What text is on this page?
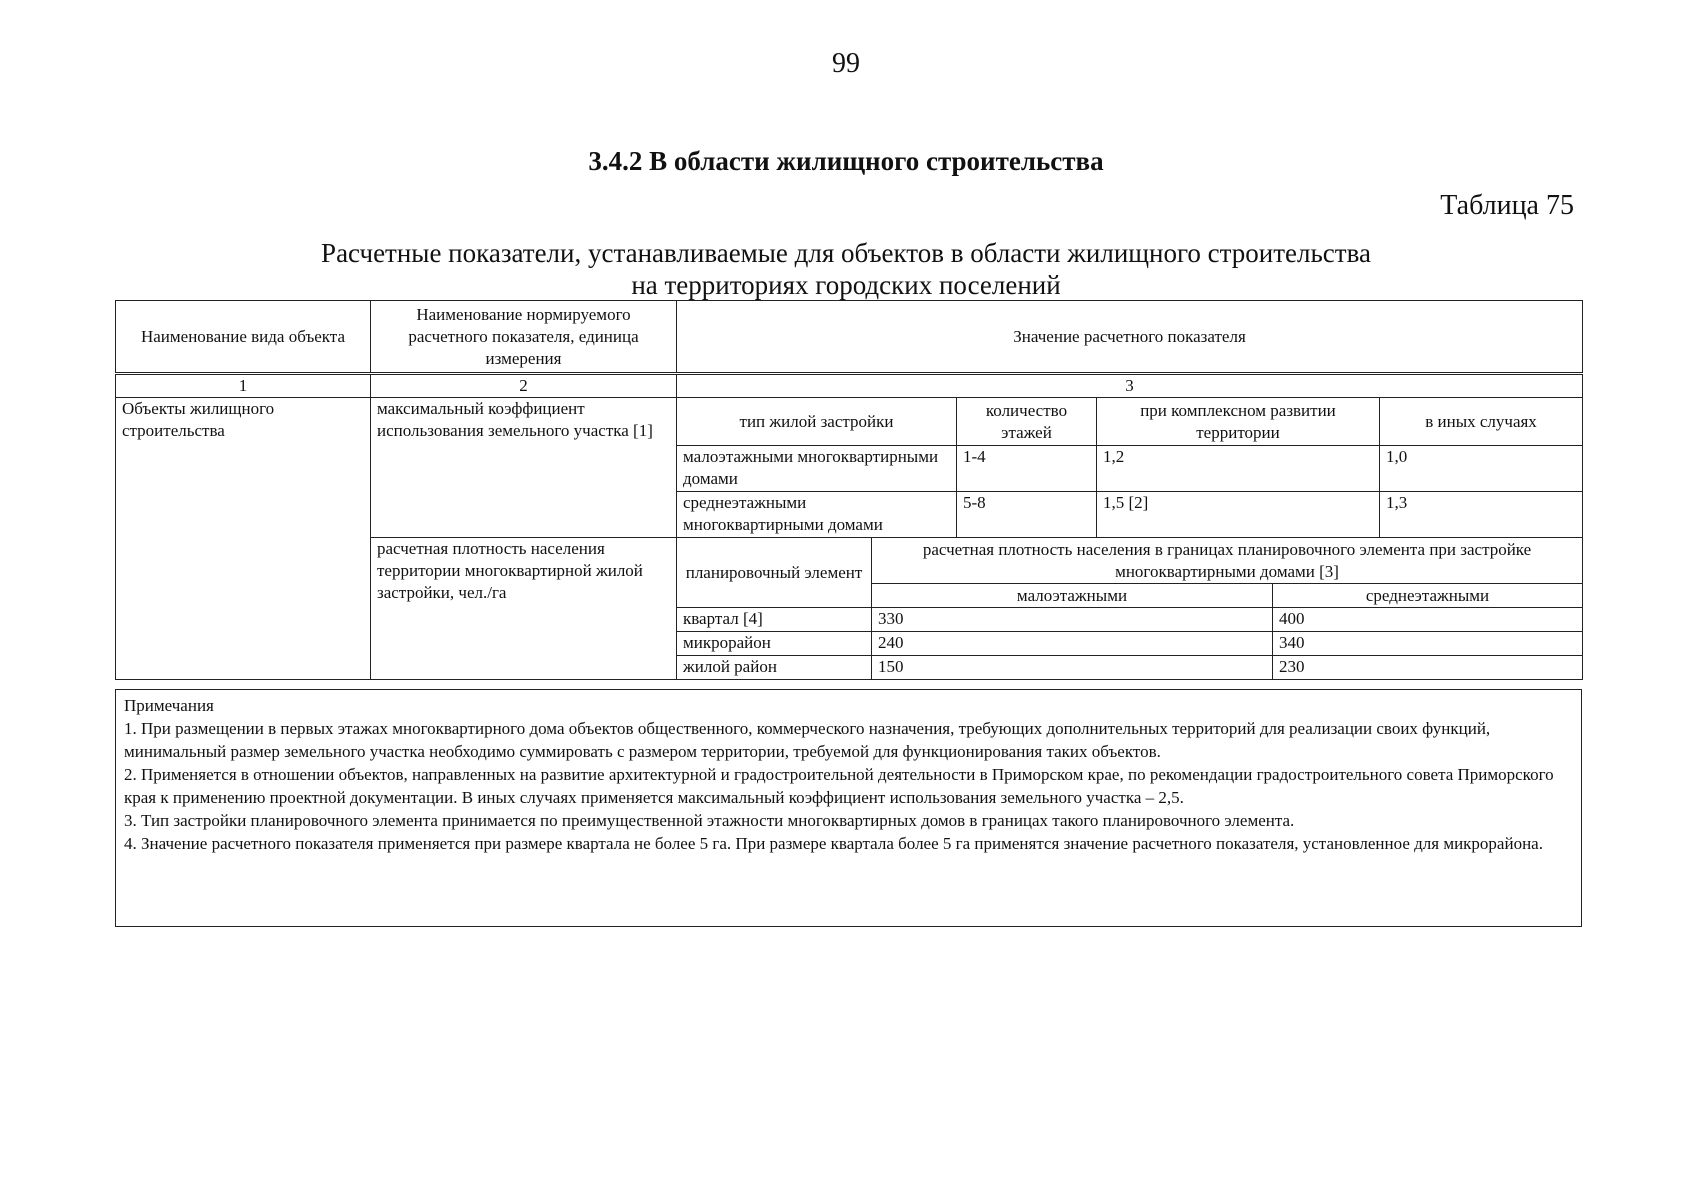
99
3.4.2 В области жилищного строительства
Таблица 75
Расчетные показатели, устанавливаемые для объектов в области жилищного строительства
на территориях городских поселений
Наименование вида объекта	Наименование нормируемого расчетного показателя, единица измерения	Значение расчетного показателя					
1	2	3					
Объекты жилищного строительства	максимальный коэффициент использования земельного участка [1]	тип жилой застройки		количество этажей	при комплексном развитии территории		в иных случаях
		малоэтажными многоквартирными домами		1-4	1,2		1,0
		среднеэтажными многоквартирными домами		5-8	1,5 [2]		1,3
	расчетная плотность населения территории многоквартирной жилой застройки, чел./га	планировочный элемент	расчетная плотность населения в границах планировочного элемента при застройке многоквартирными домами [3]				
			малоэтажными			среднеэтажными	
		квартал [4]	330			400	
		микрорайон	240			340	
		жилой район	150			230	

Примечания

1. При размещении в первых этажах многоквартирного дома объектов общественного, коммерческого назначения, требующих дополнительных территорий для реализации своих функций, минимальный размер земельного участка необходимо суммировать с размером территории, требуемой для функционирования таких объектов.

2. Применяется в отношении объектов, направленных на развитие архитектурной и градостроительной деятельности в Приморском крае, по рекомендации градостроительного совета Приморского края к применению проектной документации. В иных случаях применяется максимальный коэффициент использования земельного участка – 2,5.

3. Тип застройки планировочного элемента принимается по преимущественной этажности многоквартирных домов в границах такого планировочного элемента.

4. Значение расчетного показателя применяется при размере квартала не более 5 га. При размере квартала более 5 га применятся значение расчетного показателя, установленное для микрорайона.
